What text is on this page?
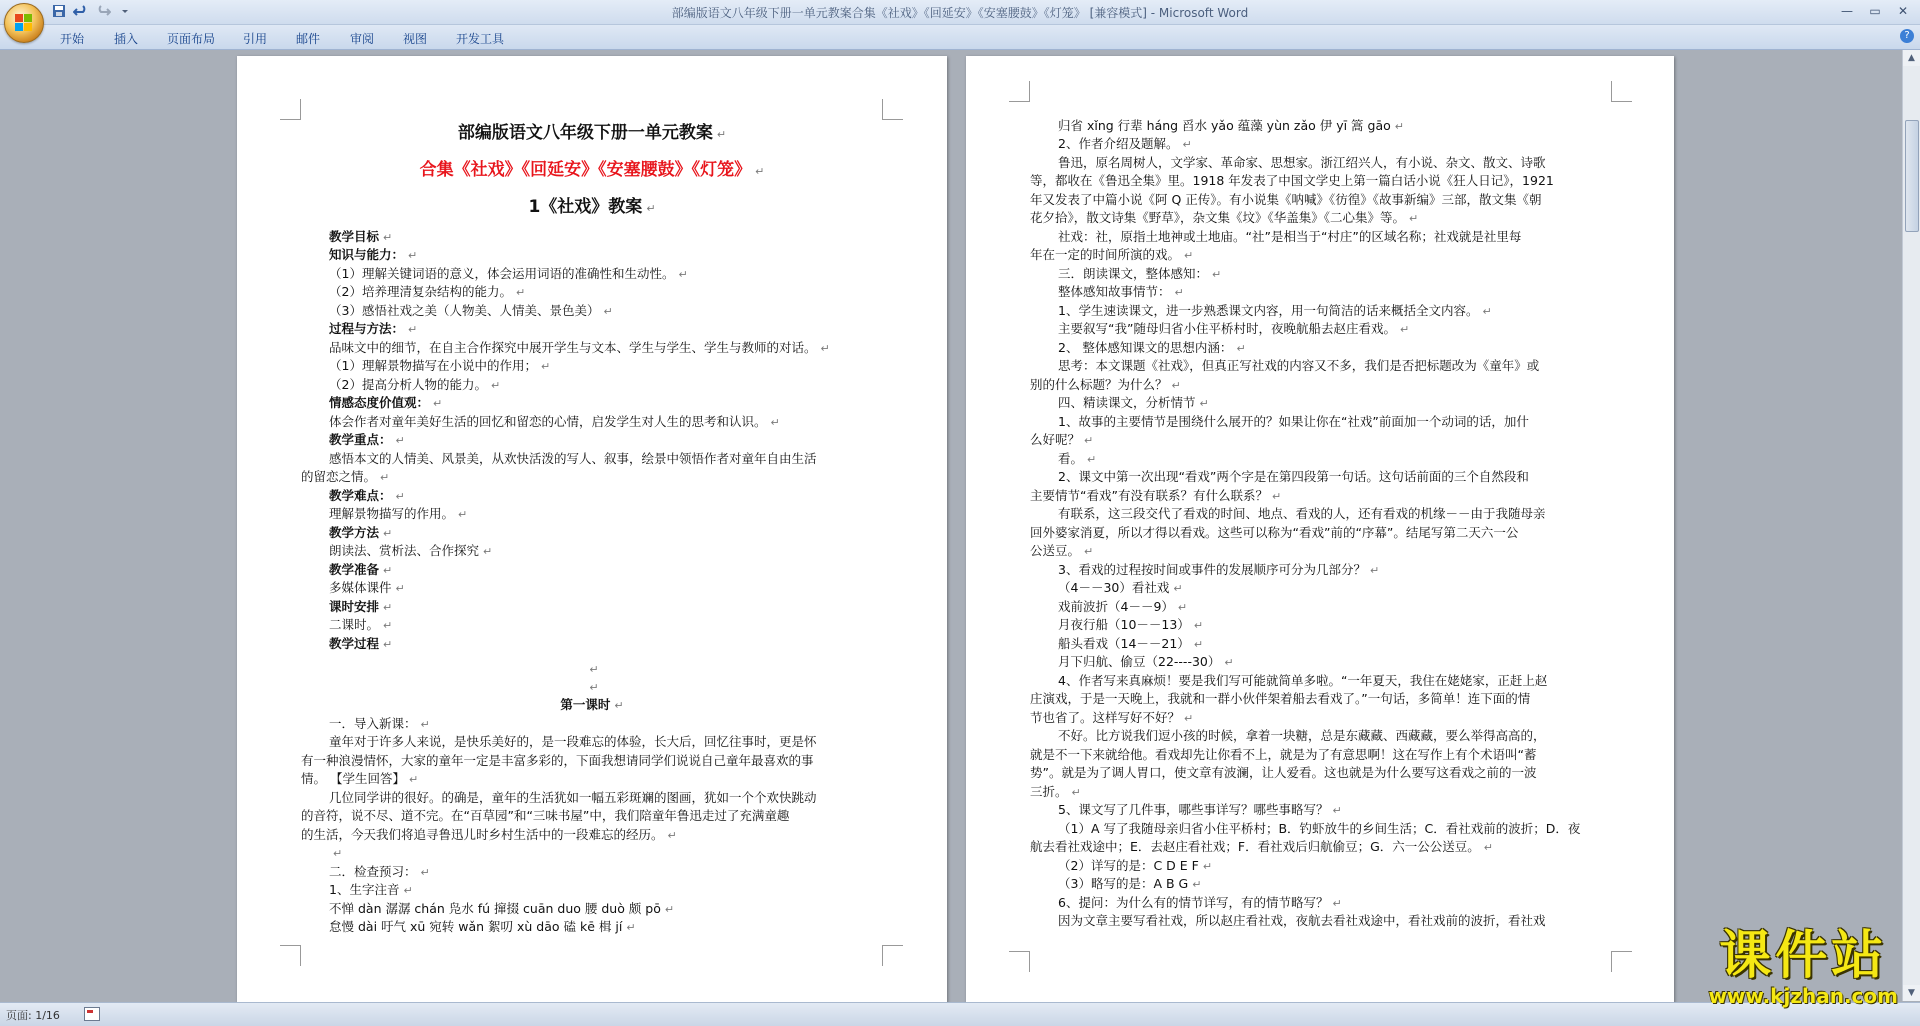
部编版语文八年级下册一单元教案合集《社戏》《回延安》《安塞腰鼓》《灯笼》 [兼容模式] - Microsoft Word	—	▭	✕
开始 插入 页面布局 引用 邮件 审阅 视图 开发工具	?
部编版语文八年级下册一单元教案 ↵
合集《社戏》《回延安》《安塞腰鼓》《灯笼》 ↵
1《社戏》教案 ↵
教学目标 ↵
知识与能力： ↵
（1）理解关键词语的意义，体会运用词语的准确性和生动性。 ↵
（2）培养理清复杂结构的能力。 ↵
（3）感悟社戏之美（人物美、人情美、景色美） ↵
过程与方法： ↵
品味文中的细节，在自主合作探究中展开学生与文本、学生与学生、学生与教师的对话。 ↵
（1）理解景物描写在小说中的作用； ↵
（2）提高分析人物的能力。 ↵
情感态度价值观： ↵
体会作者对童年美好生活的回忆和留恋的心情，启发学生对人生的思考和认识。 ↵
教学重点： ↵
感悟本文的人情美、风景美，从欢快活泼的写人、叙事，绘景中领悟作者对童年自由生活
的留恋之情。 ↵
教学难点： ↵
理解景物描写的作用。 ↵
教学方法 ↵
朗读法、赏析法、合作探究 ↵
教学准备 ↵
多媒体课件 ↵
课时安排 ↵
二课时。 ↵
教学过程 ↵
↵
↵
第一课时 ↵
一．导入新课： ↵
童年对于许多人来说，是快乐美好的，是一段难忘的体验，长大后，回忆往事时，更是怀
有一种浪漫情怀，大家的童年一定是丰富多彩的，下面我想请同学们说说自己童年最喜欢的事
情。 【学生回答】 ↵
几位同学讲的很好。的确是，童年的生活犹如一幅五彩斑斓的图画，犹如一个个欢快跳动
的音符，说不尽、道不完。在“百草园”和“三味书屋”中，我们陪童年鲁迅走过了充满童趣
的生活，今天我们将追寻鲁迅儿时乡村生活中的一段难忘的经历。 ↵
↵
二．检查预习： ↵
1、生字注音 ↵
不惮 dàn 潺潺 chán 凫水 fú 撺掇 cuān duo 腰 duò 颇 pō ↵
怠慢 dài 吁气 xū 宛转 wǎn 絮叨 xù dāo 磕 kē 楫 jí ↵
归省 xǐng 行辈 háng 舀水 yǎo 蕴藻 yùn zǎo 伊 yī 篙 gāo ↵
2、作者介绍及题解。 ↵
鲁迅，原名周树人，文学家、革命家、思想家。浙江绍兴人，有小说、杂文、散文、诗歌
等，都收在《鲁迅全集》里。1918 年发表了中国文学史上第一篇白话小说《狂人日记》，1921
年又发表了中篇小说《阿 Q 正传》。有小说集《呐喊》《彷徨》《故事新编》三部，散文集《朝
花夕拾》，散文诗集《野草》，杂文集《坟》《华盖集》《二心集》等。 ↵
社戏：社，原指土地神或土地庙。“社”是相当于“村庄”的区域名称；社戏就是社里每
年在一定的时间所演的戏。 ↵
三．朗读课文，整体感知： ↵
整体感知故事情节： ↵
1、学生速读课文，进一步熟悉课文内容，用一句简洁的话来概括全文内容。 ↵
主要叙写“我”随母归省小住平桥村时，夜晚航船去赵庄看戏。 ↵
2、 整体感知课文的思想内涵： ↵
思考：本文课题《社戏》，但真正写社戏的内容又不多，我们是否把标题改为《童年》或
别的什么标题？为什么？ ↵
四、精读课文，分析情节 ↵
1、故事的主要情节是围绕什么展开的？如果让你在“社戏”前面加一个动词的话，加什
么好呢？ ↵
看。 ↵
2、课文中第一次出现“看戏”两个字是在第四段第一句话。这句话前面的三个自然段和
主要情节“看戏”有没有联系？有什么联系？ ↵
有联系，这三段交代了看戏的时间、地点、看戏的人，还有看戏的机缘－－由于我随母亲
回外婆家消夏，所以才得以看戏。这些可以称为“看戏”前的“序幕”。结尾写第二天六一公
公送豆。 ↵
3、看戏的过程按时间或事件的发展顺序可分为几部分？ ↵
（4－－30）看社戏 ↵
戏前波折（4－－9） ↵
月夜行船（10－－13） ↵
船头看戏（14－－21） ↵
月下归航、偷豆（22----30） ↵
4、作者写来真麻烦！要是我们写可能就简单多啦。“一年夏天，我住在姥姥家，正赶上赵
庄演戏，于是一天晚上，我就和一群小伙伴架着船去看戏了。”一句话，多简单！连下面的情
节也省了。这样写好不好？ ↵
不好。比方说我们逗小孩的时候，拿着一块糖，总是东藏藏、西藏藏，要么举得高高的，
就是不一下来就给他。看戏却先让你看不上，就是为了有意思啊！这在写作上有个术语叫“蓄
势”。就是为了调人胃口，使文章有波澜，让人爱看。这也就是为什么要写这看戏之前的一波
三折。 ↵
5、课文写了几件事，哪些事详写？哪些事略写？ ↵
（1）A 写了我随母亲归省小住平桥村；B．钓虾放牛的乡间生活；C．看社戏前的波折；D．夜
航去看社戏途中；E．去赵庄看社戏；F．看社戏后归航偷豆；G．六一公公送豆。 ↵
（2）详写的是：C D E F ↵
（3）略写的是：A B G ↵
6、提问：为什么有的情节详写，有的情节略写？ ↵
因为文章主要写看社戏，所以赵庄看社戏，夜航去看社戏途中，看社戏前的波折，看社戏
▲
▼
页面: 1/16
课件站
www.kjzhan.com
